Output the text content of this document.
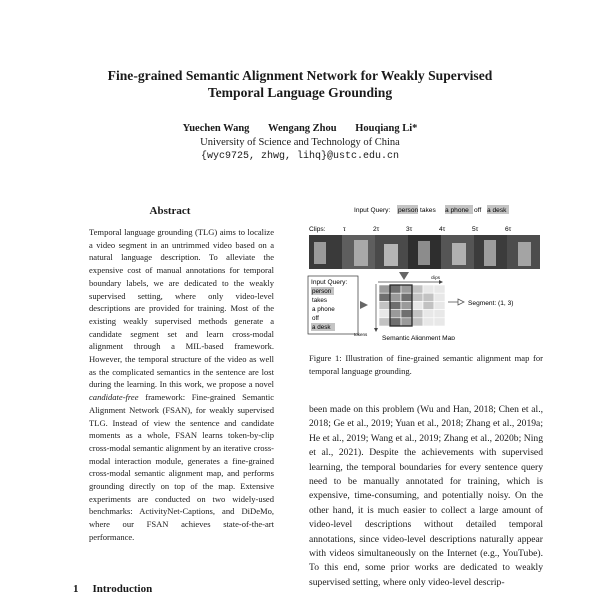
Fine-grained Semantic Alignment Network for Weakly Supervised
Temporal Language Grounding
Yuechen Wang Wengang Zhou Houqiang Li*
University of Science and Technology of China
{wyc9725, zhwg, lihq}@ustc.edu.cn
Abstract
Temporal language grounding (TLG) aims to localize a video segment in an untrimmed video based on a natural language description. To alleviate the expensive cost of manual annotations for temporal boundary labels, we are dedicated to the weakly supervised setting, where only video-level descriptions are provided for training. Most of the existing weakly supervised methods generate a candidate segment set and learn cross-modal alignment through a MIL-based framework. However, the temporal structure of the video as well as the complicated semantics in the sentence are lost during the learning. In this work, we propose a novel candidate-free framework: Fine-grained Semantic Alignment Network (FSAN), for weakly supervised TLG. Instead of view the sentence and candidate moments as a whole, FSAN learns token-by-clip cross-modal semantic alignment by an iterative cross-modal interaction module, generates a fine-grained cross-modal semantic alignment map, and performs grounding directly on top of the map. Extensive experiments are conducted on two widely-used benchmarks: ActivityNet-Captions, and DiDeMo, where our FSAN achieves state-of-the-art performance.
1 Introduction
Input Query: person takes a phone off a desk
Clips:	τ	2τ	3τ	4τ	5τ	6τ
Input Query:
person
takes
a phone
off
a desk
clips
tokens
Semantic Alignment Map
Segment: (1, 3)
Figure 1: Illustration of fine-grained semantic alignment map for temporal language grounding.
been made on this problem (Wu and Han, 2018; Chen et al., 2018; Ge et al., 2019; Yuan et al., 2018; Zhang et al., 2019a; He et al., 2019; Wang et al., 2019; Zhang et al., 2020b; Ning et al., 2021). Despite the achievements with supervised learning, the temporal boundaries for every sentence query need to be manually annotated for training, which is expensive, time-consuming, and potentially noisy. On the other hand, it is much easier to collect a large amount of video-level descriptions without detailed temporal annotations, since video-level descriptions naturally appear with videos simultaneously on the Internet (e.g., YouTube). To this end, some prior works are dedicated to weakly supervised setting, where only video-level descrip-
